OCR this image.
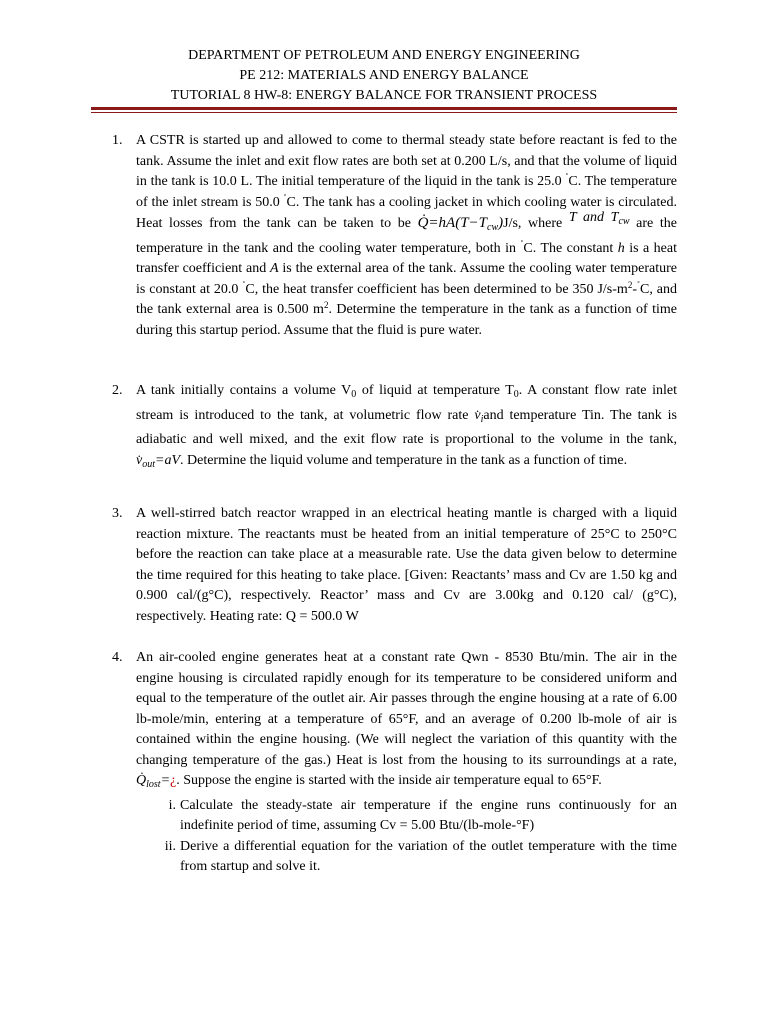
DEPARTMENT OF PETROLEUM AND ENERGY ENGINEERING
PE 212: MATERIALS AND ENERGY BALANCE
TUTORIAL 8 HW-8: ENERGY BALANCE FOR TRANSIENT PROCESS
1. A CSTR is started up and allowed to come to thermal steady state before reactant is fed to the tank. Assume the inlet and exit flow rates are both set at 0.200 L/s, and that the volume of liquid in the tank is 10.0 L. The initial temperature of the liquid in the tank is 25.0 ˚C. The temperature of the inlet stream is 50.0 ˚C. The tank has a cooling jacket in which cooling water is circulated. Heat losses from the tank can be taken to be $Q̇=hA(T-T_{cw})J/s$, where T and $T_{cw}$ are the temperature in the tank and the cooling water temperature, both in ˚C. The constant h is a heat transfer coefficient and A is the external area of the tank. Assume the cooling water temperature is constant at 20.0 ˚C, the heat transfer coefficient has been determined to be 350 $J/s-m^2-^˚C$, and the tank external area is 0.500 $m^2$. Determine the temperature in the tank as a function of time during this startup period. Assume that the fluid is pure water.
2. A tank initially contains a volume $V_0$ of liquid at temperature $T_0$. A constant flow rate inlet stream is introduced to the tank, at volumetric flow rate $v̇_iand$ temperature Tin. The tank is adiabatic and well mixed, and the exit flow rate is proportional to the volume in the tank, $v̇_{out}=aV$. Determine the liquid volume and temperature in the tank as a function of time.
3. A well-stirred batch reactor wrapped in an electrical heating mantle is charged with a liquid reaction mixture. The reactants must be heated from an initial temperature of 25°C to 250°C before the reaction can take place at a measurable rate. Use the data given below to determine the time required for this heating to take place. [Given: Reactants’ mass and Cv are 1.50 kg and 0.900 cal/(g°C), respectively. Reactor’ mass and Cv are 3.00kg and 0.120 cal/ (g°C), respectively. Heating rate: Q = 500.0 W
4. An air-cooled engine generates heat at a constant rate Qwn - 8530 Btu/min. The air in the engine housing is circulated rapidly enough for its temperature to be considered uniform and equal to the temperature of the outlet air. Air passes through the engine housing at a rate of 6.00 lb-mole/min, entering at a temperature of 65°F, and an average of 0.200 lb-mole of air is contained within the engine housing. (We will neglect the variation of this quantity with the changing temperature of the gas.) Heat is lost from the housing to its surroundings at a rate, $Q̇_{lost}=¿$. Suppose the engine is started with the inside air temperature equal to 65°F.
i. Calculate the steady-state air temperature if the engine runs continuously for an indefinite period of time, assuming Cv = 5.00 Btu/(lb-mole-°F)
ii. Derive a differential equation for the variation of the outlet temperature with the time from startup and solve it.
